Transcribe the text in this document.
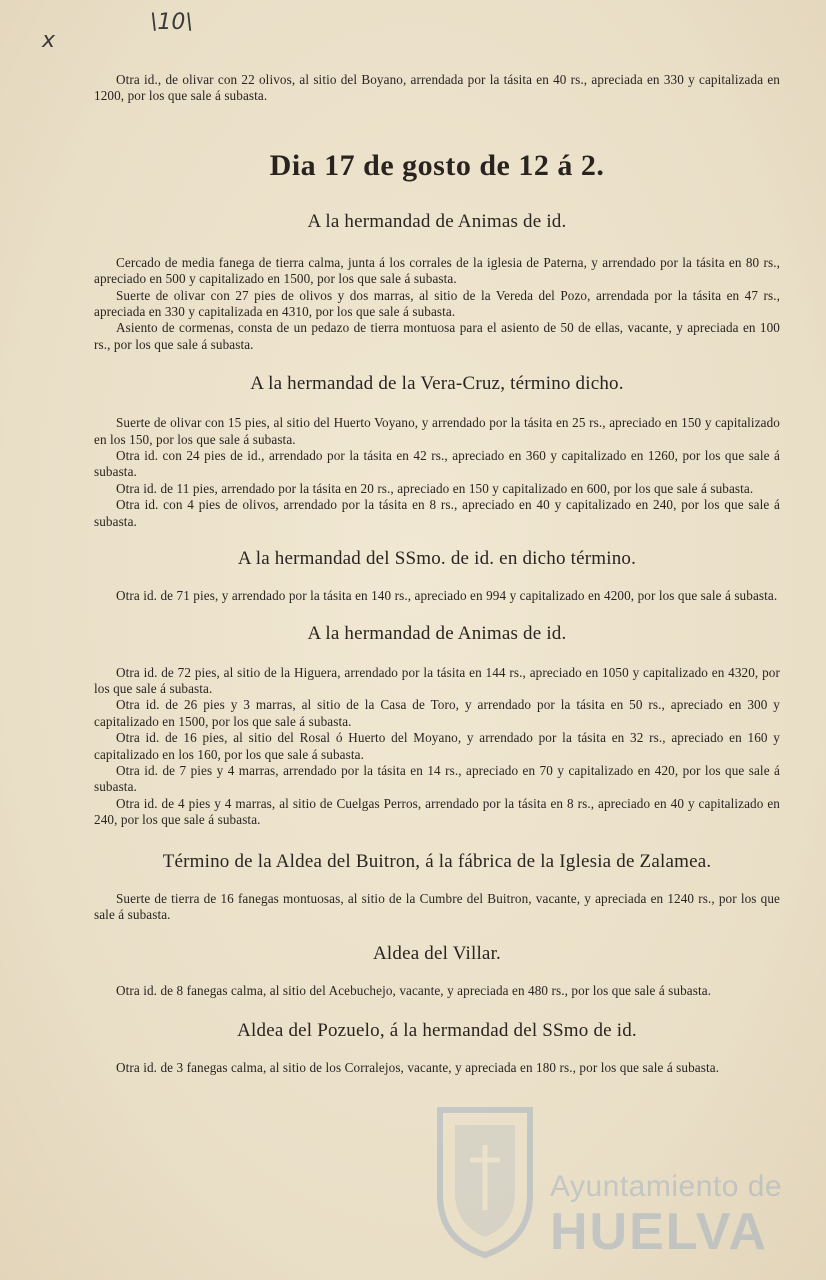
x
\10\

Otra id., de olivar con 22 olivos, al sitio del Boyano, arrendada por la tásita en 40 rs., apreciada en 330 y capitalizada en 1200, por los que sale á subasta.

Dia 17 de gosto de 12 á 2.
A la hermandad de Animas de id.

Cercado de media fanega de tierra calma, junta á los corrales de la iglesia de Paterna, y arrendado por la tásita en 80 rs., apreciado en 500 y capitalizado en 1500, por los que sale á subasta.

Suerte de olivar con 27 pies de olivos y dos marras, al sitio de la Vereda del Pozo, arrendada por la tásita en 47 rs., apreciada en 330 y capitalizada en 4310, por los que sale á subasta.

Asiento de cormenas, consta de un pedazo de tierra montuosa para el asiento de 50 de ellas, vacante, y apreciada en 100 rs., por los que sale á subasta.

A la hermandad de la Vera-Cruz, término dicho.

Suerte de olivar con 15 pies, al sitio del Huerto Voyano, y arrendado por la tásita en 25 rs., apreciado en 150 y capitalizado en los 150, por los que sale á subasta.

Otra id. con 24 pies de id., arrendado por la tásita en 42 rs., apreciado en 360 y capitalizado en 1260, por los que sale á subasta.

Otra id. de 11 pies, arrendado por la tásita en 20 rs., apreciado en 150 y capitalizado en 600, por los que sale á subasta.

Otra id. con 4 pies de olivos, arrendado por la tásita en 8 rs., apreciado en 40 y capitalizado en 240, por los que sale á subasta.

A la hermandad del SSmo. de id. en dicho término.

Otra id. de 71 pies, y arrendado por la tásita en 140 rs., apreciado en 994 y capitalizado en 4200, por los que sale á subasta.

A la hermandad de Animas de id.

Otra id. de 72 pies, al sitio de la Higuera, arrendado por la tásita en 144 rs., apreciado en 1050 y capitalizado en 4320, por los que sale á subasta.

Otra id. de 26 pies y 3 marras, al sitio de la Casa de Toro, y arrendado por la tásita en 50 rs., apreciado en 300 y capitalizado en 1500, por los que sale á subasta.

Otra id. de 16 pies, al sitio del Rosal ó Huerto del Moyano, y arrendado por la tásita en 32 rs., apreciado en 160 y capitalizado en los 160, por los que sale á subasta.

Otra id. de 7 pies y 4 marras, arrendado por la tásita en 14 rs., apreciado en 70 y capitalizado en 420, por los que sale á subasta.

Otra id. de 4 pies y 4 marras, al sitio de Cuelgas Perros, arrendado por la tásita en 8 rs., apreciado en 40 y capitalizado en 240, por los que sale á subasta.

Término de la Aldea del Buitron, á la fábrica de la Iglesia de Zalamea.

Suerte de tierra de 16 fanegas montuosas, al sitio de la Cumbre del Buitron, vacante, y apreciada en 1240 rs., por los que sale á subasta.

Aldea del Villar.

Otra id. de 8 fanegas calma, al sitio del Acebuchejo, vacante, y apreciada en 480 rs., por los que sale á subasta.

Aldea del Pozuelo, á la hermandad del SSmo de id.

Otra id. de 3 fanegas calma, al sitio de los Corralejos, vacante, y apreciada en 180 rs., por los que sale á subasta.

Ayuntamiento de
HUELVA
